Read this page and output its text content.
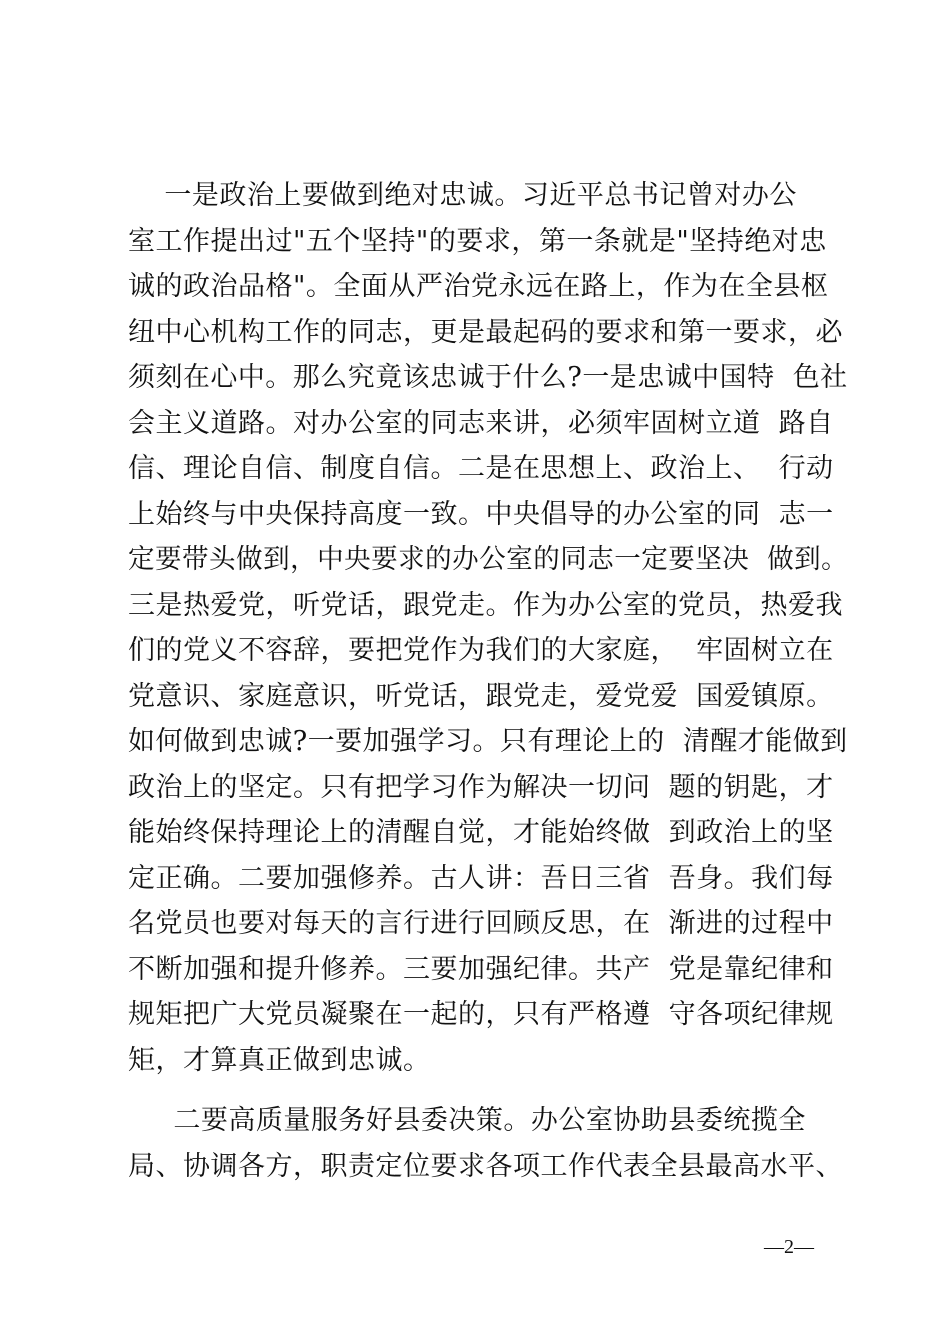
一是政治上要做到绝对忠诚。习近平总书记曾对办公
室工作提出过"五个坚持"的要求，第一条就是"坚持绝对忠
诚的政治品格"。全面从严治党永远在路上，作为在全县枢
纽中心机构工作的同志，更是最起码的要求和第一要求，必
须刻在心中。那么究竟该忠诚于什么?一是忠诚中国特  色社
会主义道路。对办公室的同志来讲，必须牢固树立道  路自
信、理论自信、制度自信。二是在思想上、政治上、  行动
上始终与中央保持高度一致。中央倡导的办公室的同  志一
定要带头做到，中央要求的办公室的同志一定要坚决  做到。
三是热爱党，听党话，跟党走。作为办公室的党员，热爱我
们的党义不容辞，要把党作为我们的大家庭，  牢固树立在
党意识、家庭意识，听党话，跟党走，爱党爱  国爱镇原。
如何做到忠诚?一要加强学习。只有理论上的  清醒才能做到
政治上的坚定。只有把学习作为解决一切问  题的钥匙，才
能始终保持理论上的清醒自觉，才能始终做  到政治上的坚
定正确。二要加强修养。古人讲：吾日三省  吾身。我们每
名党员也要对每天的言行进行回顾反思，在  渐进的过程中
不断加强和提升修养。三要加强纪律。共产  党是靠纪律和
规矩把广大党员凝聚在一起的，只有严格遵  守各项纪律规
矩，才算真正做到忠诚。
二要高质量服务好县委决策。办公室协助县委统揽全
局、协调各方，职责定位要求各项工作代表全县最高水平、
—2—
